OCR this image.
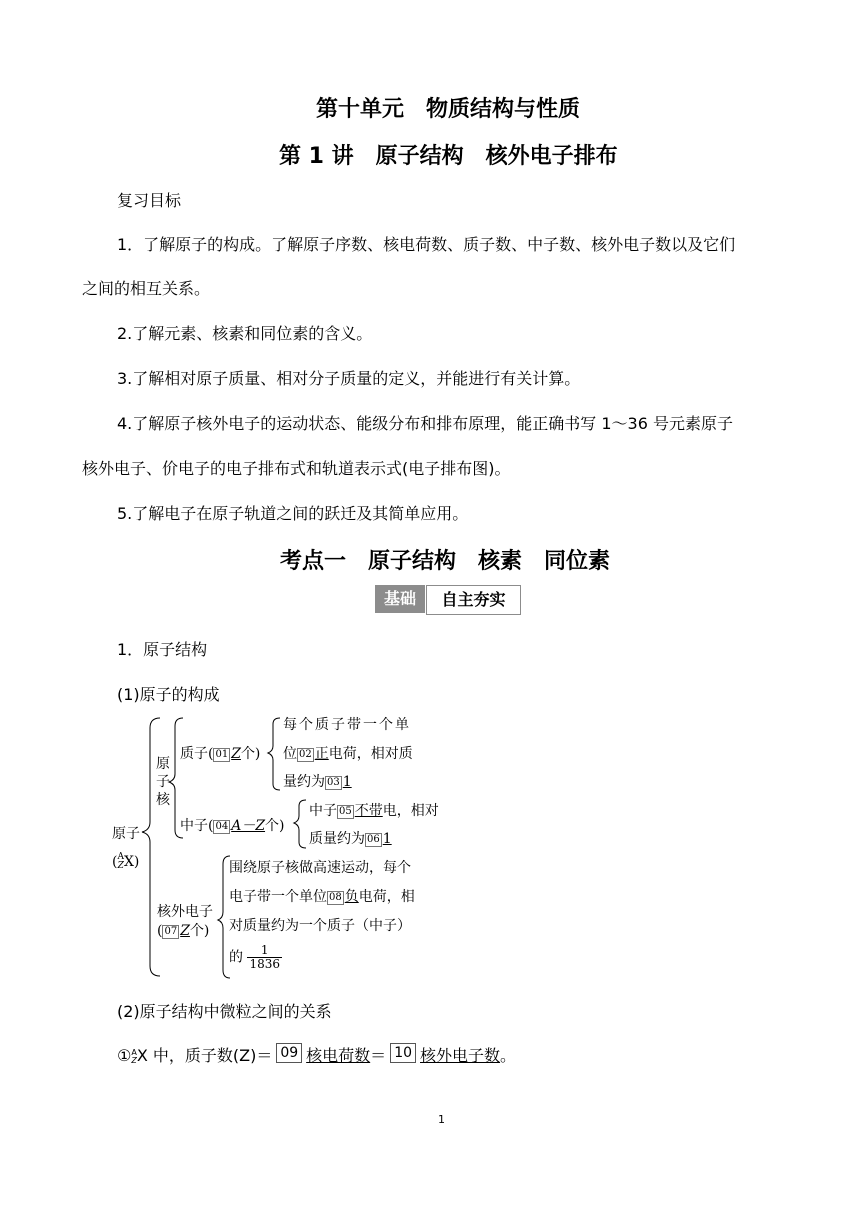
第十单元　物质结构与性质
第 1 讲　原子结构　核外电子排布
复习目标
1．了解原子的构成。了解原子序数、核电荷数、质子数、中子数、核外电子数以及它们
之间的相互关系。
2.了解元素、核素和同位素的含义。
3.了解相对原子质量、相对分子质量的定义，并能进行有关计算。
4.了解原子核外电子的运动状态、能级分布和排布原理，能正确书写 1～36 号元素原子
核外电子、价电子的电子排布式和轨道表示式(电子排布图)。
5.了解电子在原子轨道之间的跃迁及其简单应用。
考点一　原子结构　核素　同位素
基础	自主夯实
1．原子结构
(1)原子的构成
原子
( A
Z X)
原子核
质子( 01 Z个)
每个质子带一个单
位 02 正电荷，相对质
量约为 03 1
中子( 04 A－Z个)
中子 05 不带电，相对
质量约为 06 1
核外电子
( 07 Z个)
围绕原子核做高速运动，每个
电子带一个单位 08 负电荷，相
对质量约为一个质子（中子）
的 $\frac{1}{1836}$
(2)原子结构中微粒之间的关系
① A
Z X 中，质子数(Z)＝ 09 核电荷数＝ 10 核外电子数。
1
